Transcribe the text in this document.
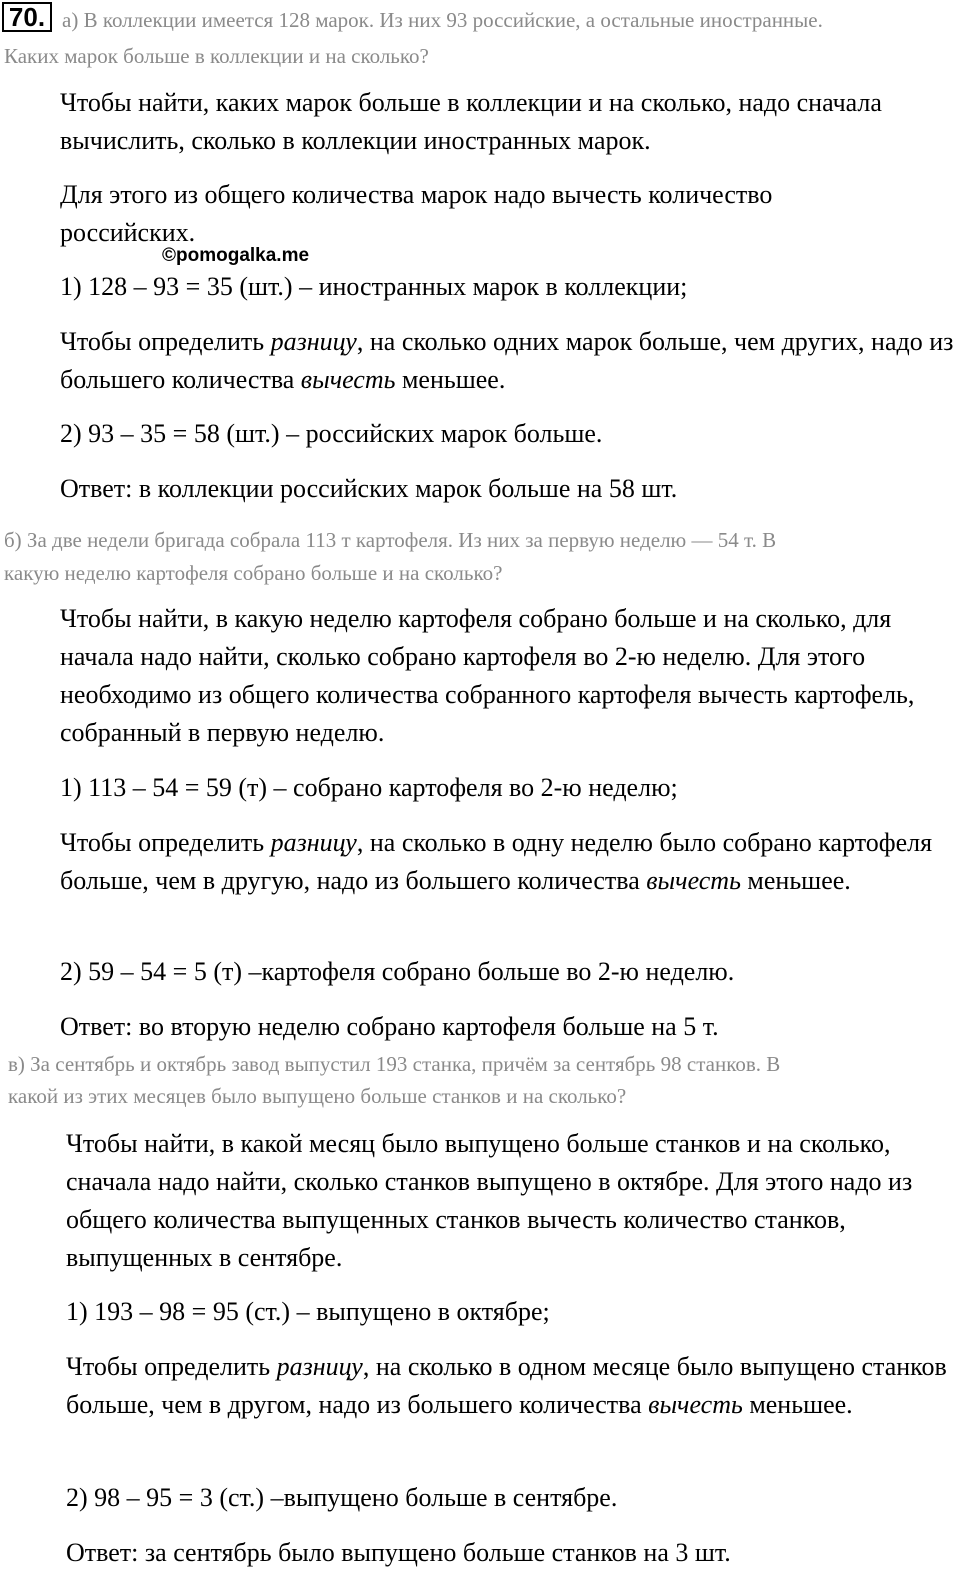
70. а) В коллекции имеется 128 марок. Из них 93 российские, а остальные иностранные.

Каких марок больше в коллекции и на сколько?

Чтобы найти, каких марок больше в коллекции и на сколько, надо сначала вычислить, сколько в коллекции иностранных марок.

Для этого из общего количества марок надо вычесть количество российских.

©pomogalka.me

1) 128 – 93 = 35 (шт.) – иностранных марок в коллекции;

Чтобы определить разницу, на сколько одних марок больше, чем других, надо из большего количества вычесть меньшее.

2) 93 – 35 = 58 (шт.) – российских марок больше.

Ответ: в коллекции российских марок больше на 58 шт.

б) За две недели бригада собрала 113 т картофеля. Из них за первую неделю — 54 т. В

какую неделю картофеля собрано больше и на сколько?

Чтобы найти, в какую неделю картофеля собрано больше и на сколько, для начала надо найти, сколько собрано картофеля во 2-ю неделю. Для этого необходимо из общего количества собранного картофеля вычесть картофель, собранный в первую неделю.

1) 113 – 54 = 59 (т) – собрано картофеля во 2-ю неделю;

Чтобы определить разницу, на сколько в одну неделю было собрано картофеля больше, чем в другую, надо из большего количества вычесть меньшее.

2) 59 – 54 = 5 (т) –картофеля собрано больше во 2-ю неделю.

Ответ: во вторую неделю собрано картофеля больше на 5 т.

в) За сентябрь и октябрь завод выпустил 193 станка, причём за сентябрь 98 станков. В

какой из этих месяцев было выпущено больше станков и на сколько?

Чтобы найти, в какой месяц было выпущено больше станков и на сколько, сначала надо найти, сколько станков выпущено в октябре. Для этого надо из общего количества выпущенных станков вычесть количество станков, выпущенных в сентябре.

1) 193 – 98 = 95 (ст.) – выпущено в октябре;

Чтобы определить разницу, на сколько в одном месяце было выпущено станков больше, чем в другом, надо из большего количества вычесть меньшее.

2) 98 – 95 = 3 (ст.) –выпущено больше в сентябре.

Ответ: за сентябрь было выпущено больше станков на 3 шт.
